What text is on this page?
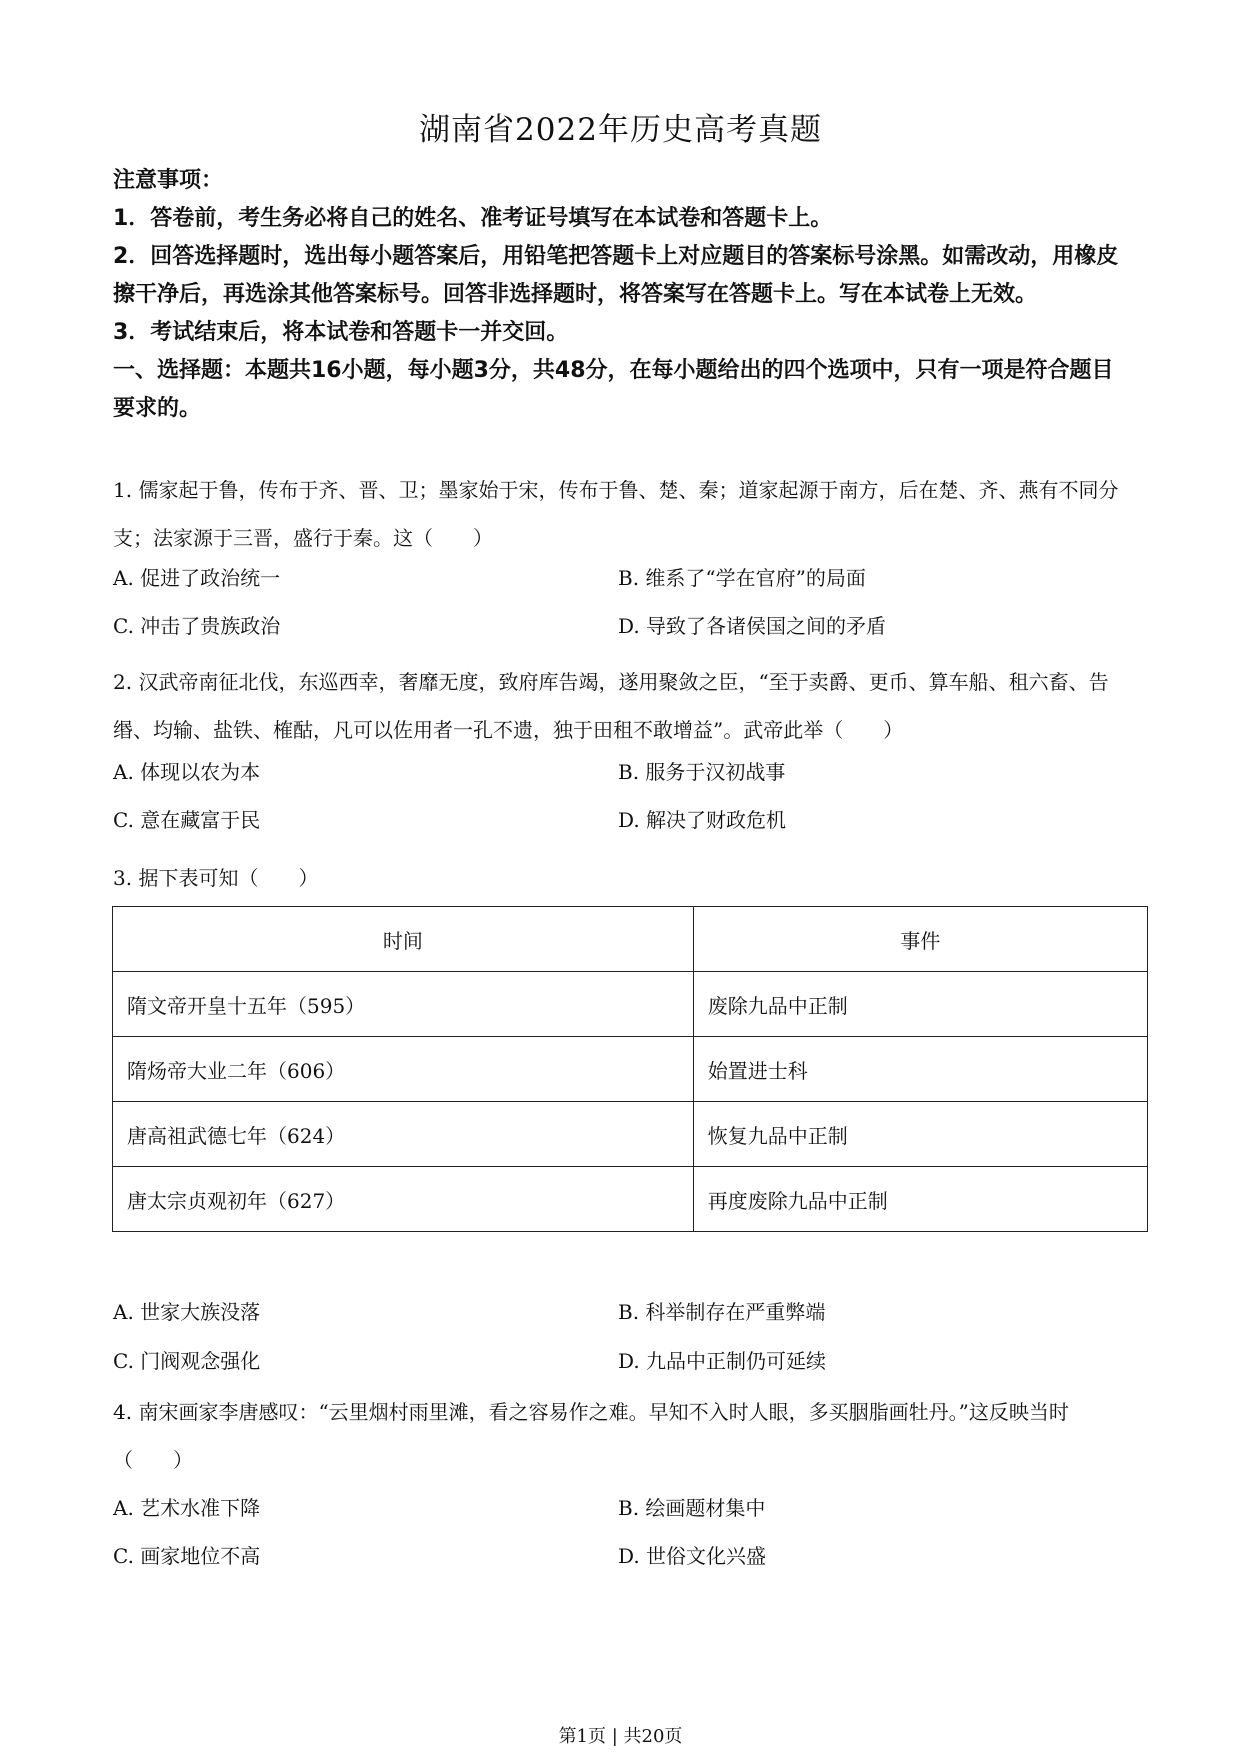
湖南省2022年历史高考真题

注意事项：

1．答卷前，考生务必将自己的姓名、准考证号填写在本试卷和答题卡上。

2．回答选择题时，选出每小题答案后，用铅笔把答题卡上对应题目的答案标号涂黑。如需改动，用橡皮擦干净后，再选涂其他答案标号。回答非选择题时，将答案写在答题卡上。写在本试卷上无效。

3．考试结束后，将本试卷和答题卡一并交回。

一、选择题：本题共16小题，每小题3分，共48分，在每小题给出的四个选项中，只有一项是符合题目要求的。

1. 儒家起于鲁，传布于齐、晋、卫；墨家始于宋，传布于鲁、楚、秦；道家起源于南方，后在楚、齐、燕有不同分支；法家源于三晋，盛行于秦。这（　　）

A. 促进了政治统一	B. 维系了“学在官府”的局面
C. 冲击了贵族政治	D. 导致了各诸侯国之间的矛盾

2. 汉武帝南征北伐，东巡西幸，奢靡无度，致府库告竭，遂用聚敛之臣，“至于卖爵、更币、算车船、租六畜、告缗、均输、盐铁、榷酤，凡可以佐用者一孔不遗，独于田租不敢增益”。武帝此举（　　）

A. 体现以农为本	B. 服务于汉初战事
C. 意在藏富于民	D. 解决了财政危机

3. 据下表可知（　　）

时间	事件
隋文帝开皇十五年（595）	废除九品中正制
隋炀帝大业二年（606）	始置进士科
唐高祖武德七年（624）	恢复九品中正制
唐太宗贞观初年（627）	再度废除九品中正制
A. 世家大族没落	B. 科举制存在严重弊端
C. 门阀观念强化	D. 九品中正制仍可延续

4. 南宋画家李唐感叹：“云里烟村雨里滩，看之容易作之难。早知不入时人眼，多买胭脂画牡丹。”这反映当时（　　）

A. 艺术水准下降	B. 绘画题材集中
C. 画家地位不高	D. 世俗文化兴盛
第1页 | 共20页
